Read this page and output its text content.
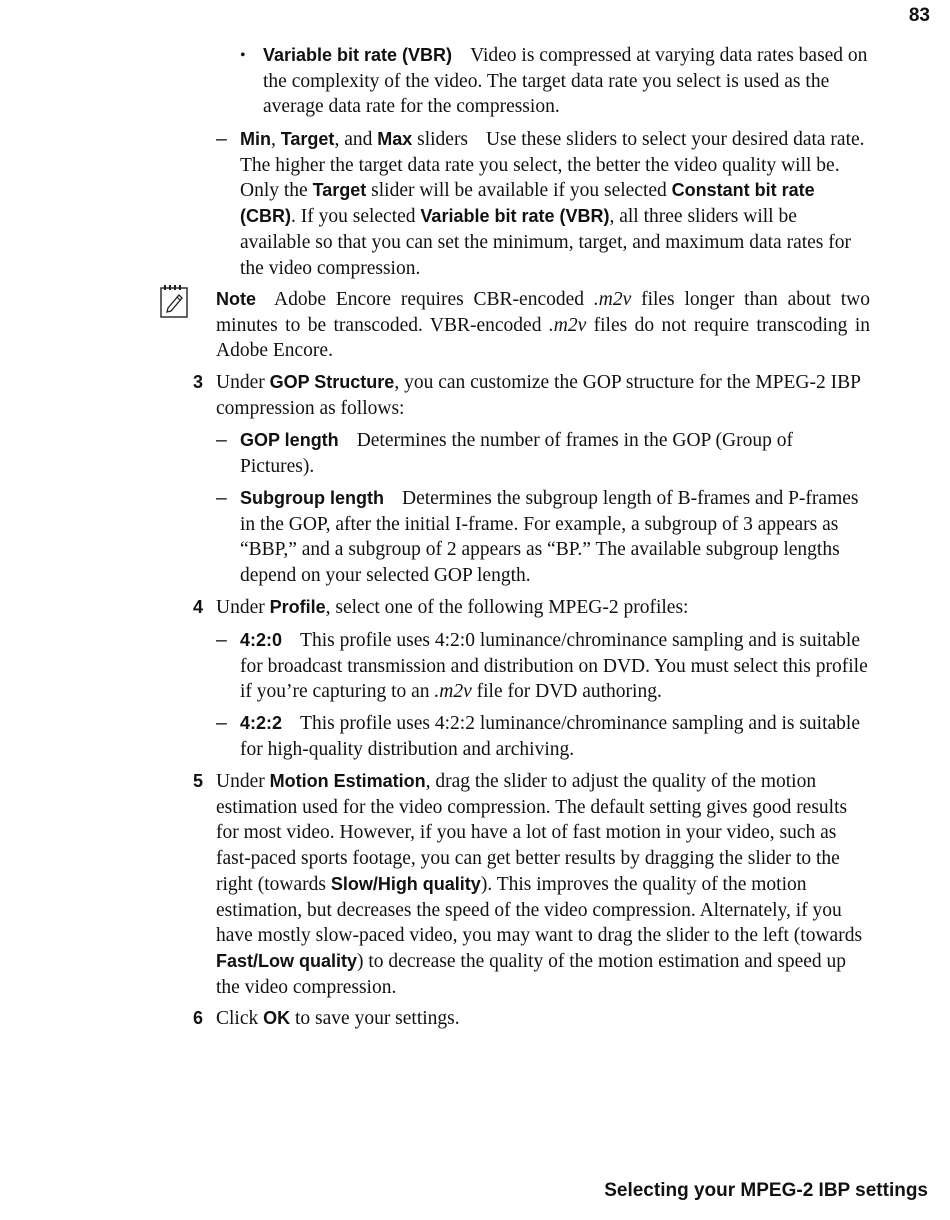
83
• Variable bit rate (VBR) Video is compressed at varying data rates based on the complexity of the video. The target data rate you select is used as the average data rate for the compression.
– Min, Target, and Max sliders Use these sliders to select your desired data rate. The higher the target data rate you select, the better the video quality will be. Only the Target slider will be available if you selected Constant bit rate (CBR). If you selected Variable bit rate (VBR), all three sliders will be available so that you can set the minimum, target, and maximum data rates for the video compression.
Note Adobe Encore requires CBR-encoded .m2v files longer than about two minutes to be transcoded. VBR-encoded .m2v files do not require transcoding in Adobe Encore.
3 Under GOP Structure, you can customize the GOP structure for the MPEG-2 IBP compression as follows:
– GOP length Determines the number of frames in the GOP (Group of Pictures).
– Subgroup length Determines the subgroup length of B-frames and P-frames in the GOP, after the initial I-frame. For example, a subgroup of 3 appears as “BBP,” and a subgroup of 2 appears as “BP.” The available subgroup lengths depend on your selected GOP length.
4 Under Profile, select one of the following MPEG-2 profiles:
– 4:2:0 This profile uses 4:2:0 luminance/chrominance sampling and is suitable for broadcast transmission and distribution on DVD. You must select this profile if you’re capturing to an .m2v file for DVD authoring.
– 4:2:2 This profile uses 4:2:2 luminance/chrominance sampling and is suitable for high-quality distribution and archiving.
5 Under Motion Estimation, drag the slider to adjust the quality of the motion estimation used for the video compression. The default setting gives good results for most video. However, if you have a lot of fast motion in your video, such as fast-paced sports footage, you can get better results by dragging the slider to the right (towards Slow/High quality). This improves the quality of the motion estimation, but decreases the speed of the video compression. Alternately, if you have mostly slow-paced video, you may want to drag the slider to the left (towards Fast/Low quality) to decrease the quality of the motion estimation and speed up the video compression.
6 Click OK to save your settings.
Selecting your MPEG-2 IBP settings
